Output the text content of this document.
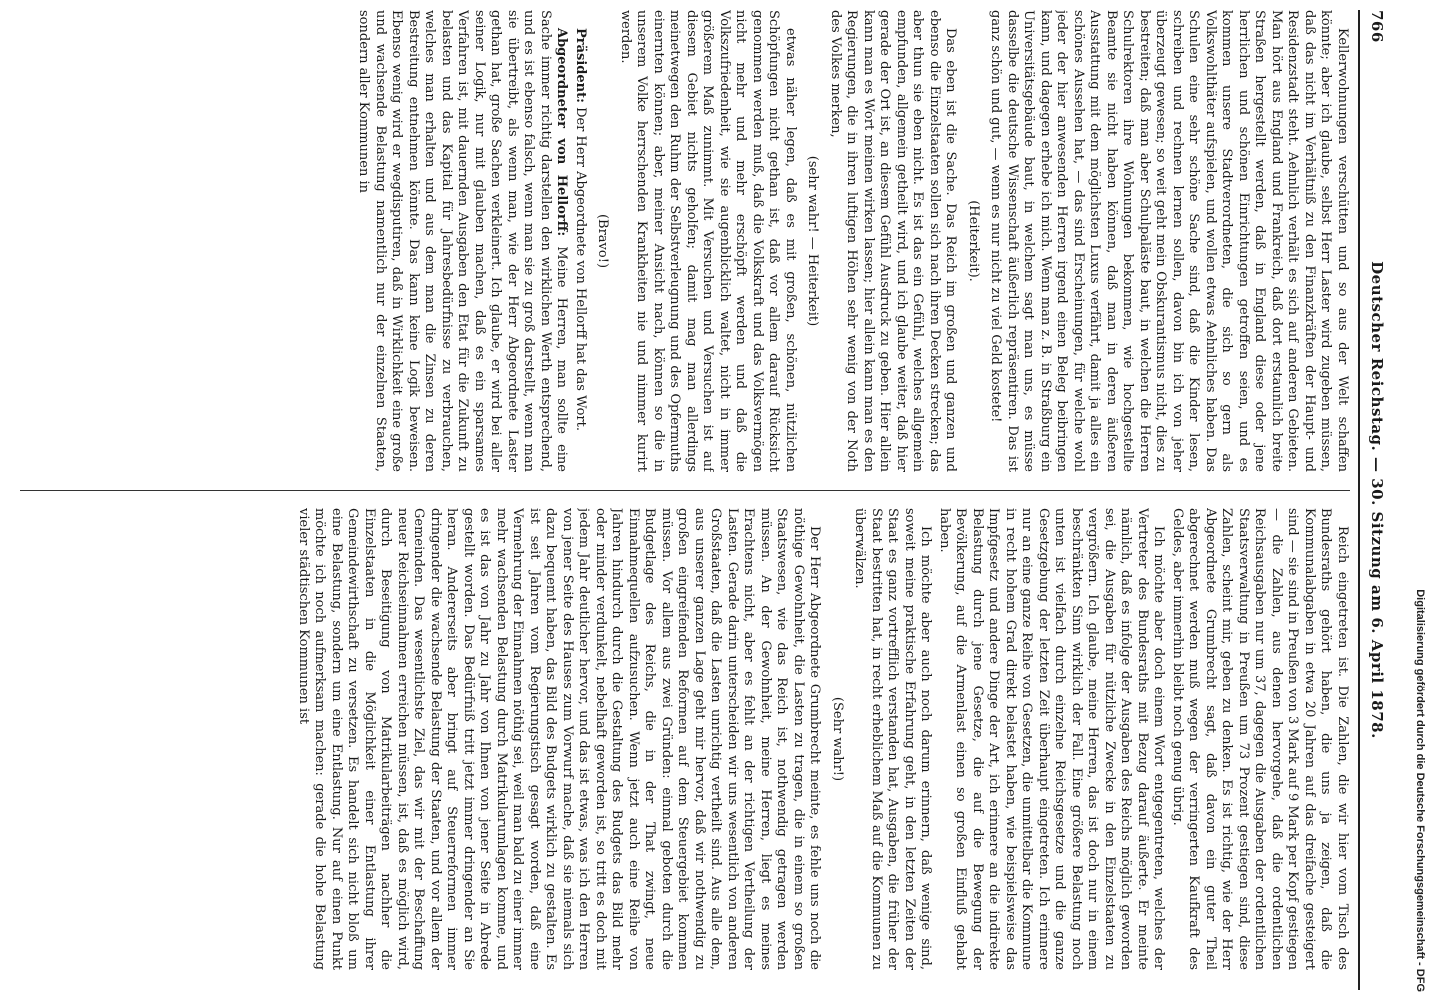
766
Deutscher Reichstag. — 30. Sitzung am 6. April 1878.

Kellerwohnungen verschütten und so aus der Welt schaffen könnte; aber ich glaube, selbst Herr Laster wird zugeben müssen, daß das nicht im Verhältniß zu den Finanzkräften der Haupt- und Residenzstadt steht. Aehnlich verhält es sich auf anderen Gebieten. Man hört aus England und Frankreich, daß dort erstaunlich breite Straßen hergestellt werden, daß in England diese oder jene herrlichen und schönen Einrichtungen getroffen seien, und es kommen unsere Stadtverordneten, die sich so gern als Volkswohlthäter aufspielen, und wollen etwas Aehnliches haben. Das Schulen eine sehr schöne Sache sind, daß die Kinder lesen, schreiben und rechnen lernen sollen, davon bin ich von jeher überzeugt gewesen; so weit geht mein Obskurantismus nicht, dies zu bestreiten; daß man aber Schulpaläste baut, in welchen die Herren Schulrektoren ihre Wohnungen bekommen, wie hochgestellte Beamte sie nicht haben können, daß man in deren äußeren Ausstattung mit dem möglichsten Luxus verfährt, damit ja alles ein schönes Aussehen hat, — das sind Erscheinungen, für welche wohl jeder der hier anwesenden Herren irgend einen Beleg beibringen kann, und dagegen erhebe ich mich. Wenn man z. B. in Straßburg ein Universitätsgebäude baut, in welchem sagt man uns, es müsse dasselbe die deutsche Wissenschaft äußerlich repräsentiren. Das ist ganz schön und gut, — wenn es nur nicht zu viel Geld kostete!

(Heiterkeit).

Das eben ist die Sache. Das Reich im großen und ganzen und ebenso die Einzelstaaten sollen sich nach ihren Decken strecken; das aber thun sie eben nicht. Es ist das ein Gefühl, welches allgemein empfunden, allgemein getheilt wird, und ich glaube weiter, daß hier gerade der Ort ist, an diesem Gefühl Ausdruck zu geben. Hier allein kann man es Wort meinen wirken lassen; hier allein kann man es den Regierungen, die in ihren luftigen Höhen sehr wenig von der Noth des Volkes merken,

(sehr wahr! — Heiterkeit)

etwas näher legen, daß es mit großen, schönen, nützlichen Schöpfungen nicht gethan ist, daß vor allem darauf Rücksicht genommen werden muß, daß die Volkskraft und das Volksvermögen nicht mehr und mehr erschöpft werden und daß die Volkszufriedenheit, wie sie augenblicklich waltet, nicht in immer größerem Maß zunimmt. Mit Versuchen und Versuchen ist auf diesem Gebiet nichts geholfen; damit mag man allerdings meinetwegen den Ruhm der Selbstverleugnung und des Opfermuths einernten können; aber, meiner Ansicht nach, können so die in unserem Volke herrschenden Krankheiten nie und nimmer kurirt werden.

(Bravo!)

Präsident: Der Herr Abgeordnete von Hellorff hat das Wort.

Abgeordneter von Hellorff: Meine Herren, man sollte eine Sache immer richtig darstellen den wirklichen Werth entsprechend, und es ist ebenso falsch, wenn man sie zu groß darstellt, wenn man sie übertreibt, als wenn man, wie der Herr Abgeordnete Laster gethan hat, große Sachen verkleinert. Ich glaube, er wird bei aller seiner Logik, nur mit glauben machen, daß es ein sparsames Verfahren ist, mit dauernden Ausgaben den Etat für die Zukunft zu belasten und das Kapital für Jahresbedürfnisse zu verbrauchen, welches man erhalten und aus dem man die Zinsen zu deren Bestreitung entnehmen könnte. Das kann keine Logik beweisen. Ebenso wenig wird er wegdisputiren, daß in Wirklichkeit eine große und wachsende Belastung namentlich nur der einzelnen Staaten, sondern aller Kommunen in

Reich eingetreten ist. Die Zahlen, die wir hier vom Tisch des Bundesraths gehört haben, die uns ja zeigen, daß die Kommunalabgaben in etwa 20 Jahren auf das dreifache gesteigert sind — sie sind in Preußen von 3 Mark auf 9 Mark per Kopf gestiegen — die Zahlen, aus denen hervorgehe, daß die ordentlichen Reichsausgaben nur um 37, dagegen die Ausgaben der ordentlichen Staatsverwaltung in Preußen um 73 Prozent gestiegen sind, diese Zahlen, scheint mir, geben zu denken. Es ist richtig, wie der Herr Abgeordnete Grumbrecht sagt, daß davon ein guter Theil abgerechnet werden muß wegen der verringerten Kaufkraft des Geldes, aber immerhin bleibt noch genug übrig.

Ich möchte aber doch einem Wort entgegentreten, welches der Vertreter des Bundesraths mit Bezug darauf äußerte. Er meinte nämlich, daß es infolge der Ausgaben des Reichs möglich geworden sei, die Ausgaben für nützliche Zwecke in den Einzelstaaten zu vergrößern. Ich glaube, meine Herren, das ist doch nur in einem beschränkten Sinn wirklich der Fall. Eine größere Belastung noch unten ist vielfach durch einzelne Reichsgesetze und die ganze Gesetzgebung der letzten Zeit überhaupt eingetreten. Ich erinnere nur an eine ganze Reihe von Gesetzen, die unmittelbar die Kommune in recht hohem Grad direkt belastet haben, wie beispielsweise das Impfgesetz und andere Dinge der Art, ich erinnere an die indirekte Belastung durch jene Gesetze, die auf die Bewegung der Bevölkerung, auf die Armenlast einen so großen Einfluß gehabt haben.

Ich möchte aber auch noch darum erinnern, daß wenige sind, soweit meine praktische Erfahrung geht, in den letzten Zeiten der Staat es ganz vortrefflich verstanden hat, Ausgaben, die früher der Staat bestritten hat, in recht erheblichem Maß auf die Kommunen zu überwälzen.

(Sehr wahr!)

Der Herr Abgeordnete Grumbrecht meinte, es fehle uns noch die nöthige Gewohnheit, die Lasten zu tragen, die in einem so großen Staatswesen, wie das Reich ist, nothwendig getragen werden müssen. An der Gewohnheit, meine Herren, liegt es meines Erachtens nicht, aber es fehlt an der richtigen Vertheilung der Lasten. Gerade darin unterscheiden wir uns wesentlich von anderen Großstaaten, daß die Lasten unrichtig vertheilt sind. Aus alle dem, aus unserer ganzen Lage geht mir hervor, daß wir nothwendig zu großen eingreifenden Reformen auf dem Steuergebiet kommen müssen. Vor allem aus zwei Gründen: einmal geboten durch die Budgetlage des Reichs, die in der That zwingt, neue Einnahmequellen aufzusuchen. Wenn jetzt auch eine Reihe von Jahren hindurch durch die Gestaltung des Budgets das Bild mehr oder minder verdunkelt, nebelhaft geworden ist, so tritt es doch mit jedem Jahr deutlicher hervor, und das ist etwas, was ich den Herren von jener Seite des Hauses zum Vorwurf mache, daß sie niemals sich dazu bequemt haben, das Bild des Budgets wirklich zu gestalten. Es ist seit Jahren vom Regierungstisch gesagt worden, daß eine Vermehrung der Einnahmen nöthig sei, weil man bald zu einer immer mehr wachsenden Belastung durch Matrikularumlagen komme, und es ist das von Jahr zu Jahr von Ihnen von jener Seite in Abrede gestellt worden. Das Bedürfniß tritt jetzt immer dringender an Sie heran. Andererseits aber bringt auf Steuerreformen immer dringender die wachsende Belastung der Staaten, und vor allem der Gemeinden. Das wesentlichste Ziel, das wir mit der Beschaffung neuer Reichseinnahmen erreichen müssen, ist, daß es möglich wird, durch Beseitigung von Matrikularbeiträgen nachher die Einzelstaaten in die Möglichkeit einer Entlastung ihrer Gemeindewirthschaft zu versetzen. Es handelt sich nicht bloß um eine Belastung, sondern um eine Entlastung. Nur auf einen Punkt möchte ich noch aufmerksam machen: gerade die hohe Belastung vieler städtischen Kommunen ist	Digitalisierung gefördert durch die Deutsche Forschungsgemeinschaft - DFG
